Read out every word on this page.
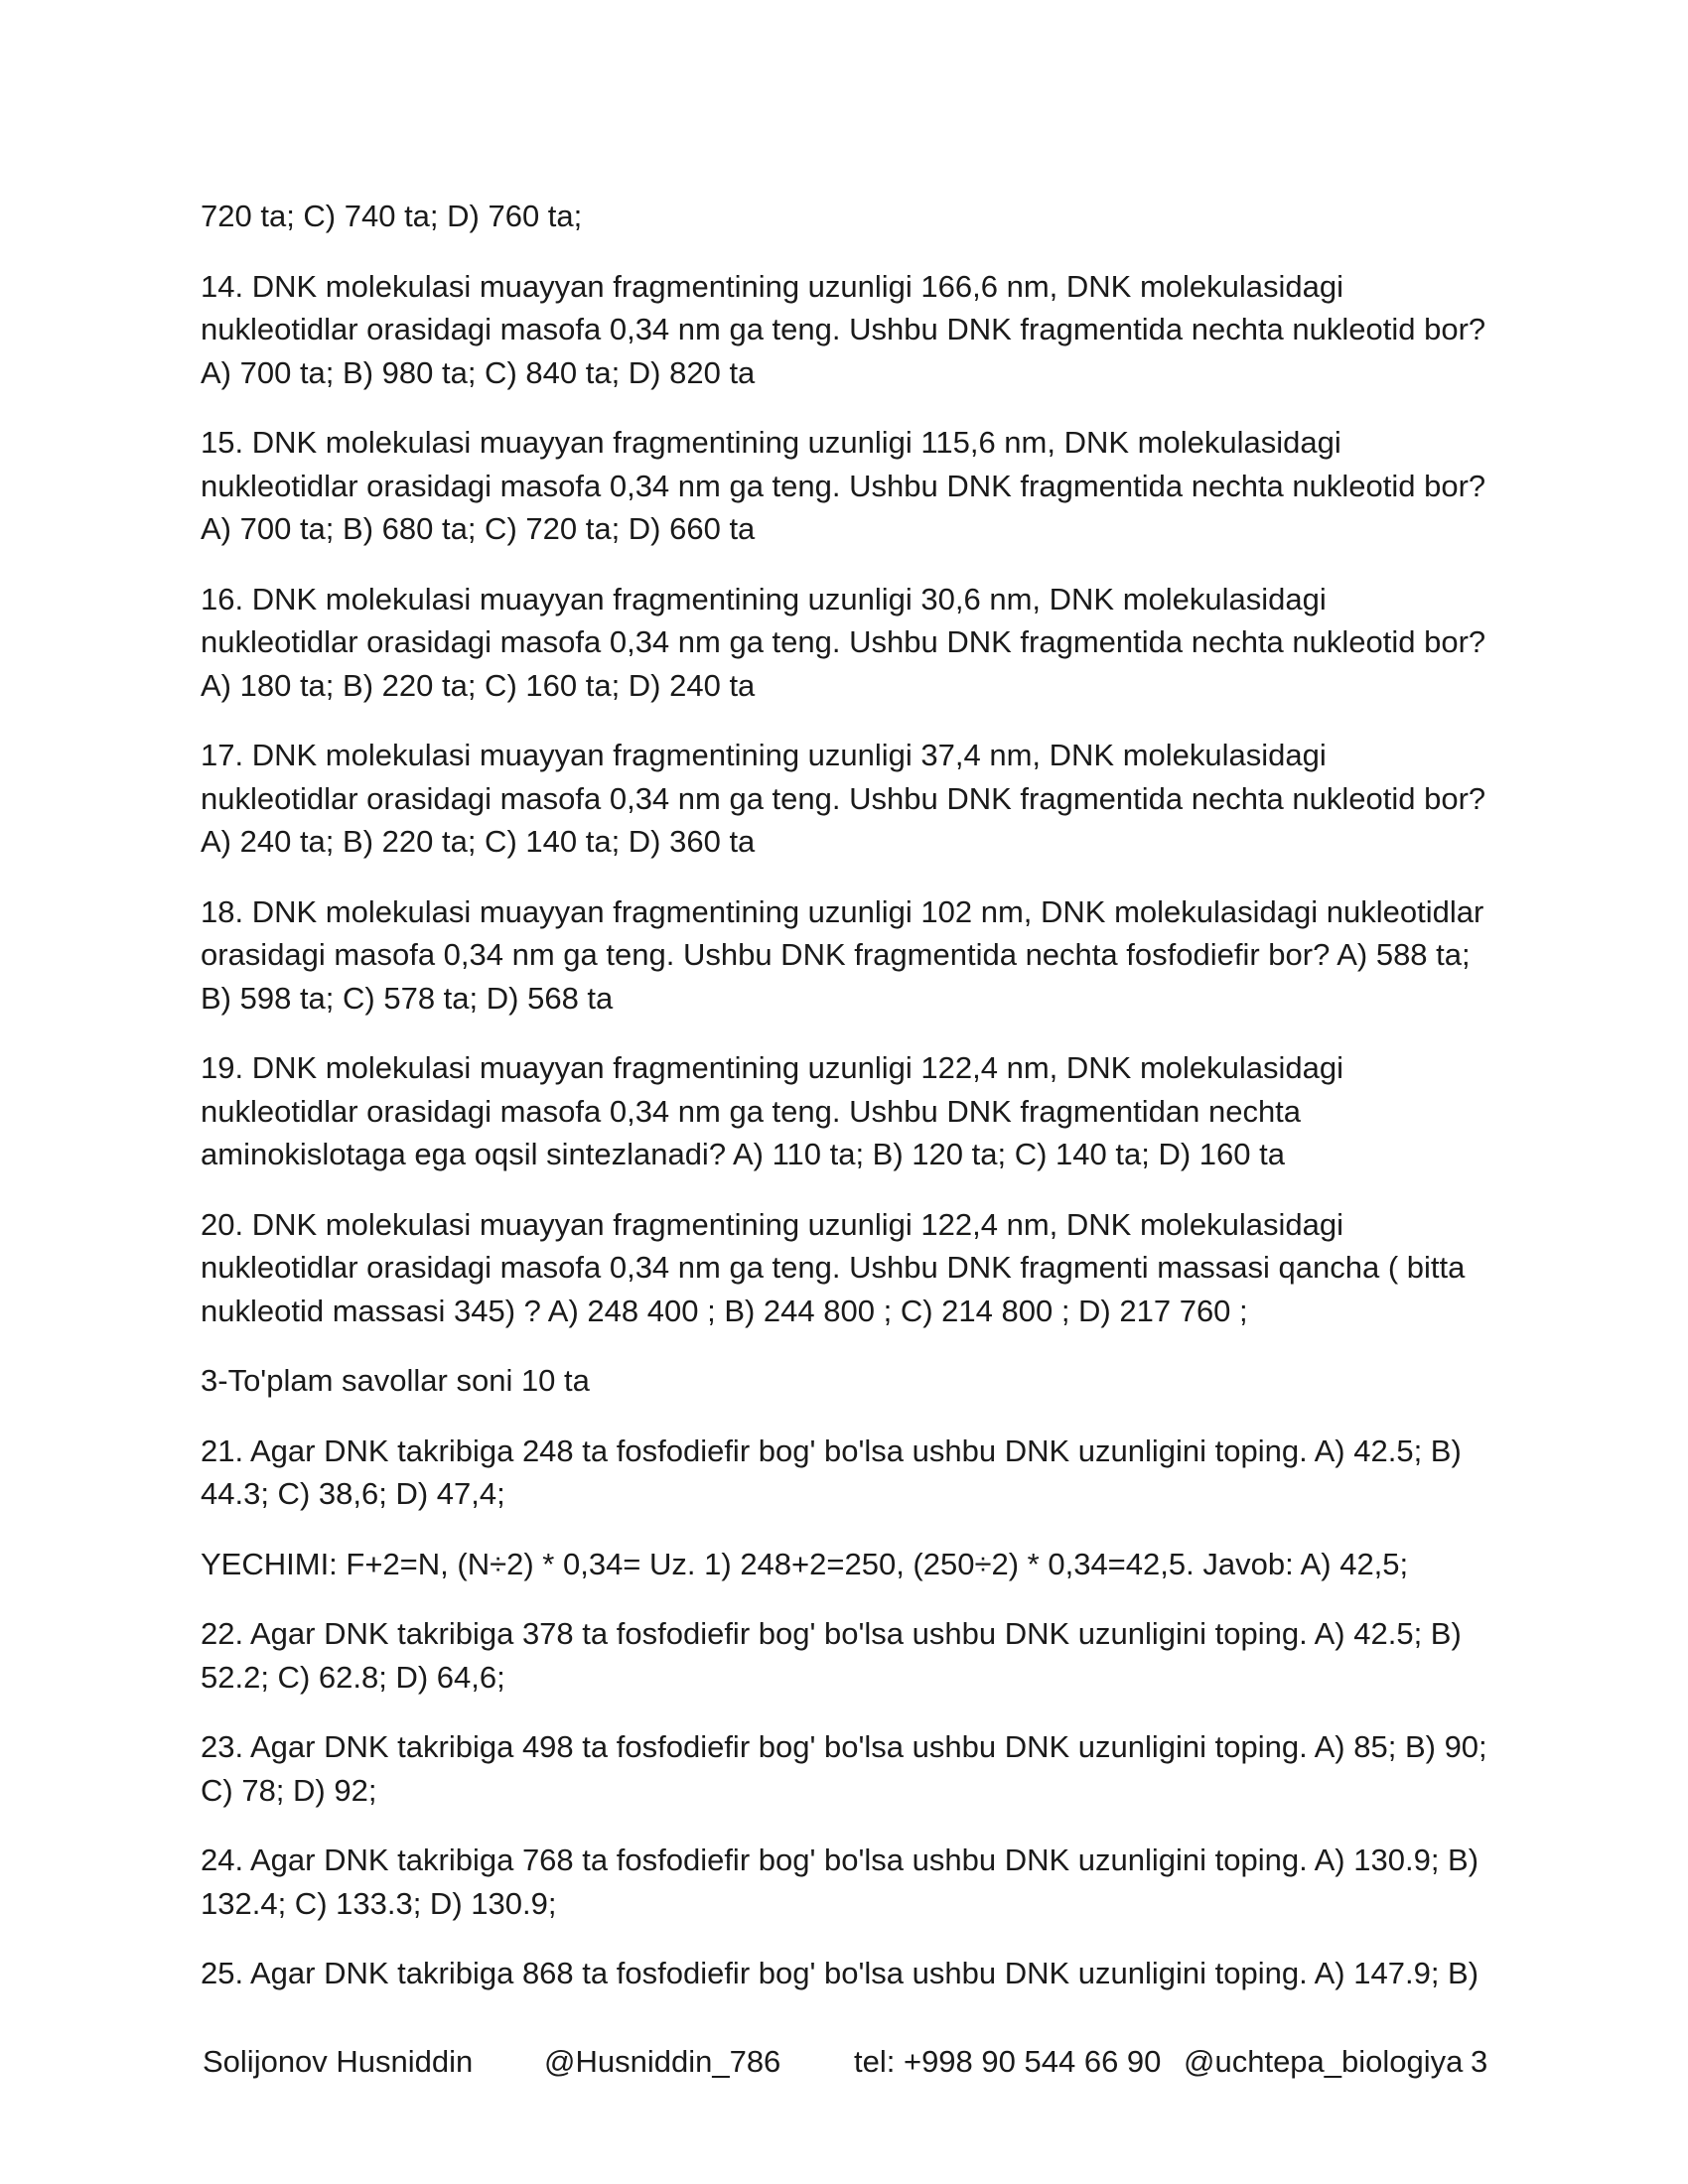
720 ta; C) 740 ta; D) 760 ta;

14. DNK molekulasi muayyan fragmentining uzunligi 166,6 nm, DNK molekulasidagi nukleotidlar orasidagi masofa 0,34 nm ga teng. Ushbu DNK fragmentida nechta nukleotid bor? A) 700 ta; B) 980 ta; C) 840 ta; D) 820 ta

15. DNK molekulasi muayyan fragmentining uzunligi 115,6 nm, DNK molekulasidagi nukleotidlar orasidagi masofa 0,34 nm ga teng. Ushbu DNK fragmentida nechta nukleotid bor? A) 700 ta; B) 680 ta; C) 720 ta; D) 660 ta

16. DNK molekulasi muayyan fragmentining uzunligi 30,6 nm, DNK molekulasidagi nukleotidlar orasidagi masofa 0,34 nm ga teng. Ushbu DNK fragmentida nechta nukleotid bor? A) 180 ta; B) 220 ta; C) 160 ta; D) 240 ta

17. DNK molekulasi muayyan fragmentining uzunligi 37,4 nm, DNK molekulasidagi nukleotidlar orasidagi masofa 0,34 nm ga teng. Ushbu DNK fragmentida nechta nukleotid bor? A) 240 ta; B) 220 ta; C) 140 ta; D) 360 ta

18. DNK molekulasi muayyan fragmentining uzunligi 102 nm, DNK molekulasidagi nukleotidlar orasidagi masofa 0,34 nm ga teng. Ushbu DNK fragmentida nechta fosfodiefir bor? A) 588 ta; B) 598 ta; C) 578 ta; D) 568 ta

19. DNK molekulasi muayyan fragmentining uzunligi 122,4 nm, DNK molekulasidagi nukleotidlar orasidagi masofa 0,34 nm ga teng. Ushbu DNK fragmentidan nechta aminokislotaga ega oqsil sintezlanadi? A) 110 ta; B) 120 ta; C) 140 ta; D) 160 ta

20. DNK molekulasi muayyan fragmentining uzunligi 122,4 nm, DNK molekulasidagi nukleotidlar orasidagi masofa 0,34 nm ga teng. Ushbu DNK fragmenti massasi qancha ( bitta nukleotid massasi 345) ? A) 248 400 ; B) 244 800 ; C) 214 800 ; D) 217 760 ;

3-To'plam savollar soni 10 ta

21. Agar DNK takribiga 248 ta fosfodiefir bog' bo'lsa ushbu DNK uzunligini toping. A) 42.5; B) 44.3; C) 38,6; D) 47,4;

YECHIMI: F+2=N, (N÷2) * 0,34= Uz. 1) 248+2=250, (250÷2) * 0,34=42,5. Javob: A) 42,5;

22. Agar DNK takribiga 378 ta fosfodiefir bog' bo'lsa ushbu DNK uzunligini toping. A) 42.5; B) 52.2; C) 62.8; D) 64,6;

23. Agar DNK takribiga 498 ta fosfodiefir bog' bo'lsa ushbu DNK uzunligini toping. A) 85; B) 90; C) 78; D) 92;

24. Agar DNK takribiga 768 ta fosfodiefir bog' bo'lsa ushbu DNK uzunligini toping. A) 130.9; B) 132.4; C) 133.3; D) 130.9;

25. Agar DNK takribiga 868 ta fosfodiefir bog' bo'lsa ushbu DNK uzunligini toping. A) 147.9; B)

Solijonov Husniddin @Husniddin_786 tel: +998 90 544 66 90 @uchtepa_biologiya 3
